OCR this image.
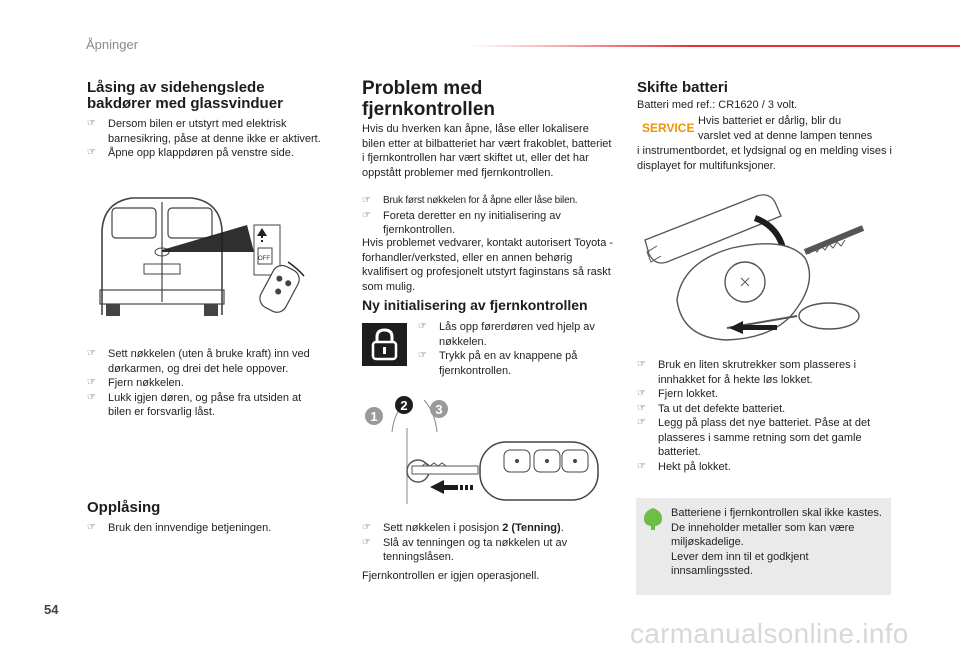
Åpninger
Låsing av sidehengslede
bakdører med glassvinduer
☞ Dersom bilen er utstyrt med elektrisk barnesikring, påse at denne ikke er aktivert.
☞ Åpne opp klappdøren på venstre side.
OFF
☞ Sett nøkkelen (uten å bruke kraft) inn ved dørkarmen, og drei det hele oppover.
☞ Fjern nøkkelen.
☞ Lukk igjen døren, og påse fra utsiden at bilen er forsvarlig låst.
Opplåsing
☞ Bruk den innvendige betjeningen.
Problem med
fjernkontrollen
Hvis du hverken kan åpne, låse eller lokalisere bilen etter at bilbatteriet har vært frakoblet, batteriet i fjernkontrollen har vært skiftet ut, eller det har oppstått problemer med fjernkontrollen.
☞ Bruk først nøkkelen for å åpne eller låse bilen.
☞ Foreta deretter en ny initialisering av fjernkontrollen.
Hvis problemet vedvarer, kontakt autorisert Toyota -forhandler/verksted, eller en annen behørig kvalifisert og profesjonelt utstyrt faginstans så raskt som mulig.
Ny initialisering av fjernkontrollen
☞ Lås opp førerdøren ved hjelp av nøkkelen.
☞ Trykk på en av knappene på fjernkontrollen.
1
2 3
☞ Sett nøkkelen i posisjon 2 (Tenning).
☞ Slå av tenningen og ta nøkkelen ut av tenningslåsen.
Fjernkontrollen er igjen operasjonell.
Skifte batteri
Batteri med ref.: CR1620 / 3 volt.
SERVICE Hvis batteriet er dårlig, blir du
varslet ved at denne lampen tennes
i instrumentbordet, et lydsignal og en melding vises i displayet for multifunksjoner.
☞ Bruk en liten skrutrekker som plasseres i innhakket for å hekte løs lokket.
☞ Fjern lokket.
☞ Ta ut det defekte batteriet.
☞ Legg på plass det nye batteriet. Påse at det plasseres i samme retning som det gamle batteriet.
☞ Hekt på lokket.
Batteriene i fjernkontrollen skal ikke kastes. De inneholder metaller som kan være miljøskadelige.
Lever dem inn til et godkjent innsamlingssted.
54
carmanualsonline.info
